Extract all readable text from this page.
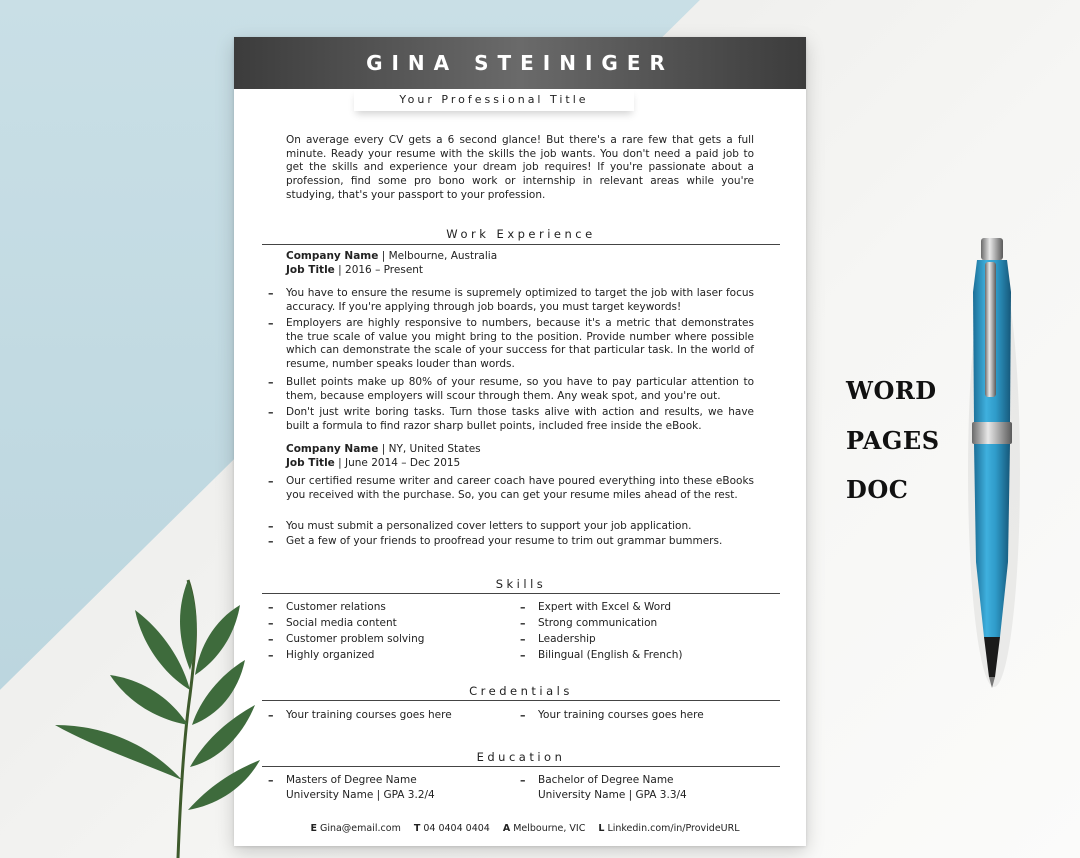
GINA STEINIGER
Your Professional Title
On average every CV gets a 6 second glance! But there's a rare few that gets a full minute. Ready your resume with the skills the job wants. You don't need a paid job to get the skills and experience your dream job requires! If you're passionate about a profession, find some pro bono work or internship in relevant areas while you're studying, that's your passport to your profession.
Work Experience
Company Name | Melbourne, Australia
Job Title | 2016 – Present
– You have to ensure the resume is supremely optimized to target the job with laser focus accuracy. If you're applying through job boards, you must target keywords!
– Employers are highly responsive to numbers, because it's a metric that demonstrates the true scale of value you might bring to the position. Provide number where possible which can demonstrate the scale of your success for that particular task. In the world of resume, number speaks louder than words.
– Bullet points make up 80% of your resume, so you have to pay particular attention to them, because employers will scour through them. Any weak spot, and you're out.
– Don't just write boring tasks. Turn those tasks alive with action and results, we have built a formula to find razor sharp bullet points, included free inside the eBook.
Company Name | NY, United States
Job Title | June 2014 – Dec 2015
– Our certified resume writer and career coach have poured everything into these eBooks you received with the purchase. So, you can get your resume miles ahead of the rest.
– You must submit a personalized cover letters to support your job application.
– Get a few of your friends to proofread your resume to trim out grammar bummers.
Skills
– Customer relations
– Social media content
– Customer problem solving
– Highly organized
– Expert with Excel & Word
– Strong communication
– Leadership
– Bilingual (English & French)
Credentials
– Your training courses goes here	– Your training courses goes here
Education
– Masters of Degree Name
University Name | GPA 3.2/4
– Bachelor of Degree Name
University Name | GPA 3.3/4
E Gina@email.com T 04 0404 0404 A Melbourne, VIC L Linkedin.com/in/ProvideURL
WORD
PAGES
DOC
